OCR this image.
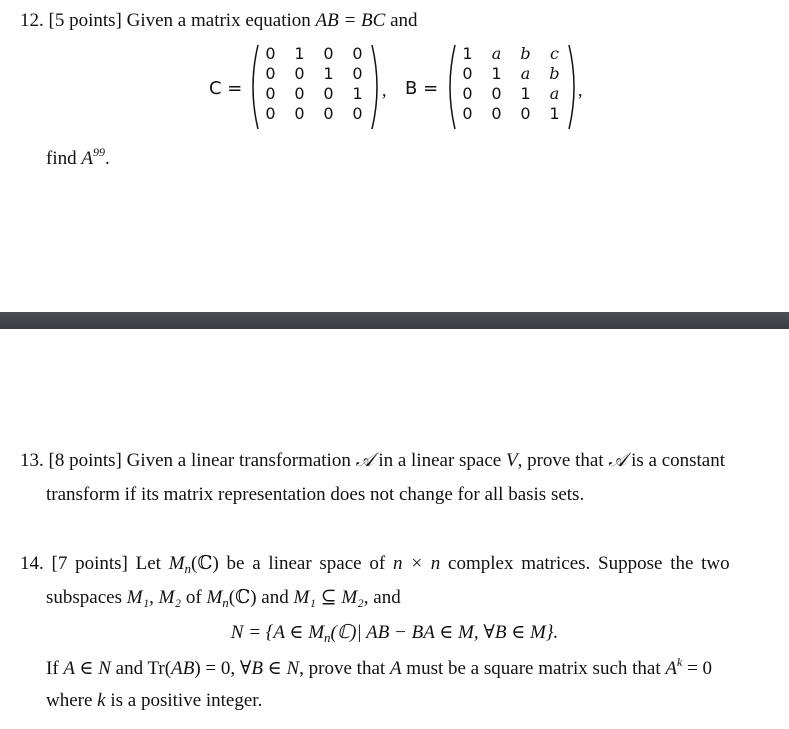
12. [5 points] Given a matrix equation AB = BC and
C =
0	1	0	0
0	0	1	0
0	0	0	1
0	0	0	0
, B =
1	a	b	c
0	1	a	b
0	0	1	a
0	0	0	1
,
find $A^{99}$.
13. [8 points] Given a linear transformation 𝒜 in a linear space V, prove that 𝒜 is a constant
transform if its matrix representation does not change for all basis sets.
14. [7 points] Let $M_n(ℂ)$ be a linear space of n × n complex matrices. Suppose the two
subspaces M₁, M₂ of $M_n(ℂ)$ and M₁ ⊆ M₂, and
N = {A ∈ $M_n(ℂ)|$ AB − BA ∈ M, ∀B ∈ M}.
If A ∈ N and Tr(AB) = 0, ∀B ∈ N, prove that A must be a square matrix such that $A^k = 0$
where k is a positive integer.
